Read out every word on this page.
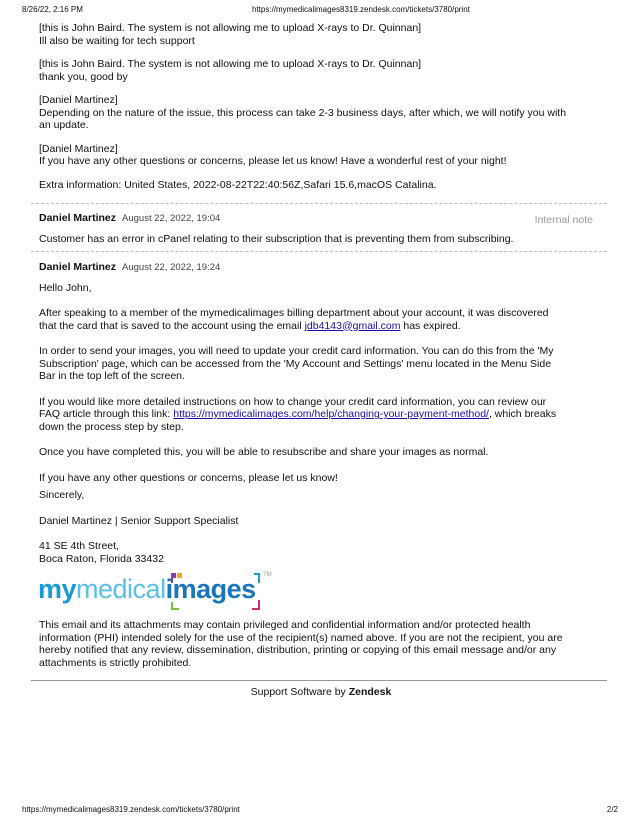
8/26/22, 2:16 PM	https://mymedicalimages8319.zendesk.com/tickets/3780/print

[this is John Baird. The system is not allowing me to upload X-rays to Dr. Quinnan]

Ill also be waiting for tech support

[this is John Baird. The system is not allowing me to upload X-rays to Dr. Quinnan]

thank you, good by

[Daniel Martinez]

Depending on the nature of the issue, this process can take 2-3 business days, after which, we will notify you with

an update.

[Daniel Martinez]

If you have any other questions or concerns, please let us know! Have a wonderful rest of your night!

Extra information: United States, 2022-08-22T22:40:56Z,Safari 15.6,macOS Catalina.

Daniel Martinez August 22, 2022, 19:04	Internal note

Customer has an error in cPanel relating to their subscription that is preventing them from subscribing.

Daniel Martinez August 22, 2022, 19:24

Hello John,

After speaking to a member of the mymedicalimages billing department about your account, it was discovered

that the card that is saved to the account using the email jdb4143@gmail.com has expired.

In order to send your images, you will need to update your credit card information. You can do this from the 'My

Subscription' page, which can be accessed from the 'My Account and Settings' menu located in the Menu Side

Bar in the top left of the screen.

If you would like more detailed instructions on how to change your credit card information, you can review our

FAQ article through this link: https://mymedicalimages.com/help/changing-your-payment-method/, which breaks

down the process step by step.

Once you have completed this, you will be able to resubscribe and share your images as normal.

If you have any other questions or concerns, please let us know!

Sincerely,

Daniel Martinez | Senior Support Specialist

41 SE 4th Street,

Boca Raton, Florida 33432

mymedicalimages TM

This email and its attachments may contain privileged and confidential information and/or protected health

information (PHI) intended solely for the use of the recipient(s) named above. If you are not the recipient, you are

hereby notified that any review, dissemination, distribution, printing or copying of this email message and/or any

attachments is strictly prohibited.

Support Software by Zendesk
https://mymedicalimages8319.zendesk.com/tickets/3780/print	2/2
